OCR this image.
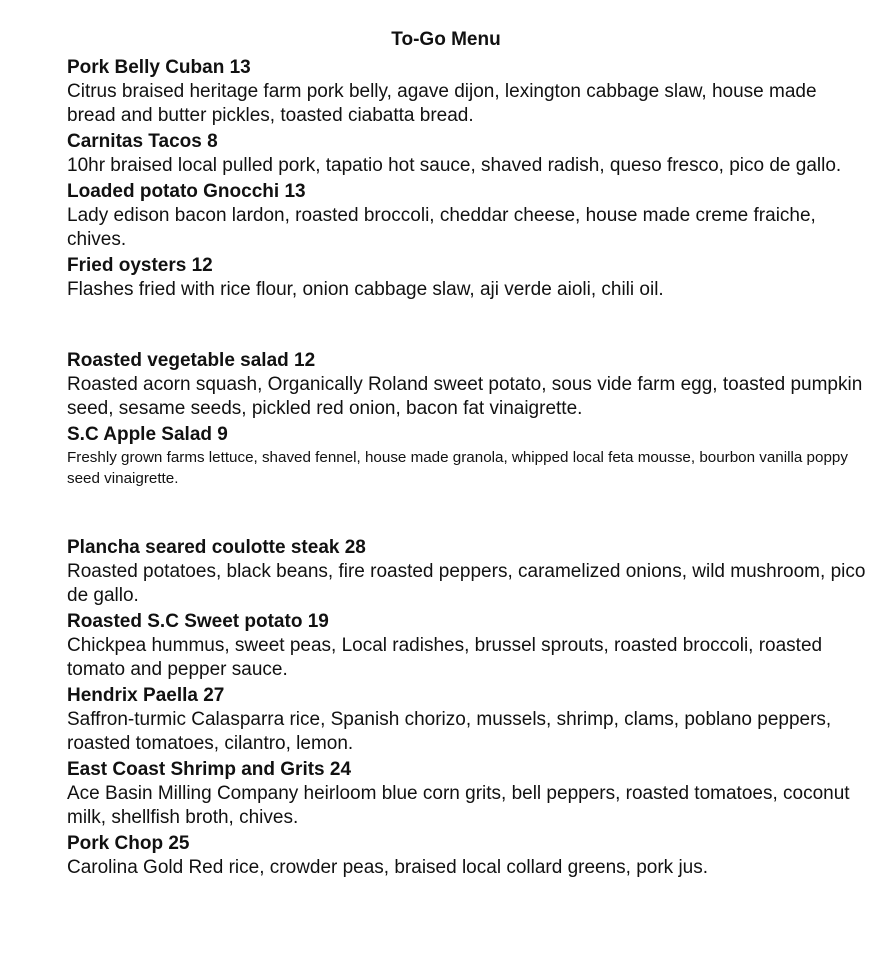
To-Go Menu
Pork Belly Cuban 13
Citrus braised heritage farm pork belly, agave dijon, lexington cabbage slaw, house made bread and butter pickles, toasted ciabatta bread.
Carnitas Tacos 8
10hr braised local pulled pork, tapatio hot sauce, shaved radish, queso fresco, pico de gallo.
Loaded potato Gnocchi 13
Lady edison bacon lardon, roasted broccoli, cheddar cheese, house made creme fraiche, chives.
Fried oysters 12
Flashes fried with rice flour, onion cabbage slaw, aji verde aioli, chili oil.
Roasted vegetable salad 12
Roasted acorn squash, Organically Roland sweet potato, sous vide farm egg, toasted pumpkin seed, sesame seeds, pickled red onion, bacon fat vinaigrette.
S.C Apple Salad 9
Freshly grown farms lettuce, shaved fennel, house made granola, whipped local feta mousse, bourbon vanilla poppy seed vinaigrette.
Plancha seared coulotte steak 28
Roasted potatoes, black beans, fire roasted peppers, caramelized onions, wild mushroom, pico de gallo.
Roasted S.C Sweet potato 19
Chickpea hummus, sweet peas, Local radishes, brussel sprouts, roasted broccoli, roasted tomato and pepper sauce.
Hendrix Paella 27
Saffron-turmic Calasparra rice, Spanish chorizo, mussels, shrimp, clams, poblano peppers, roasted tomatoes, cilantro, lemon.
East Coast Shrimp and Grits 24
Ace Basin Milling Company heirloom blue corn grits, bell peppers, roasted tomatoes, coconut milk, shellfish broth, chives.
Pork Chop 25
Carolina Gold Red rice, crowder peas, braised local collard greens, pork jus.
